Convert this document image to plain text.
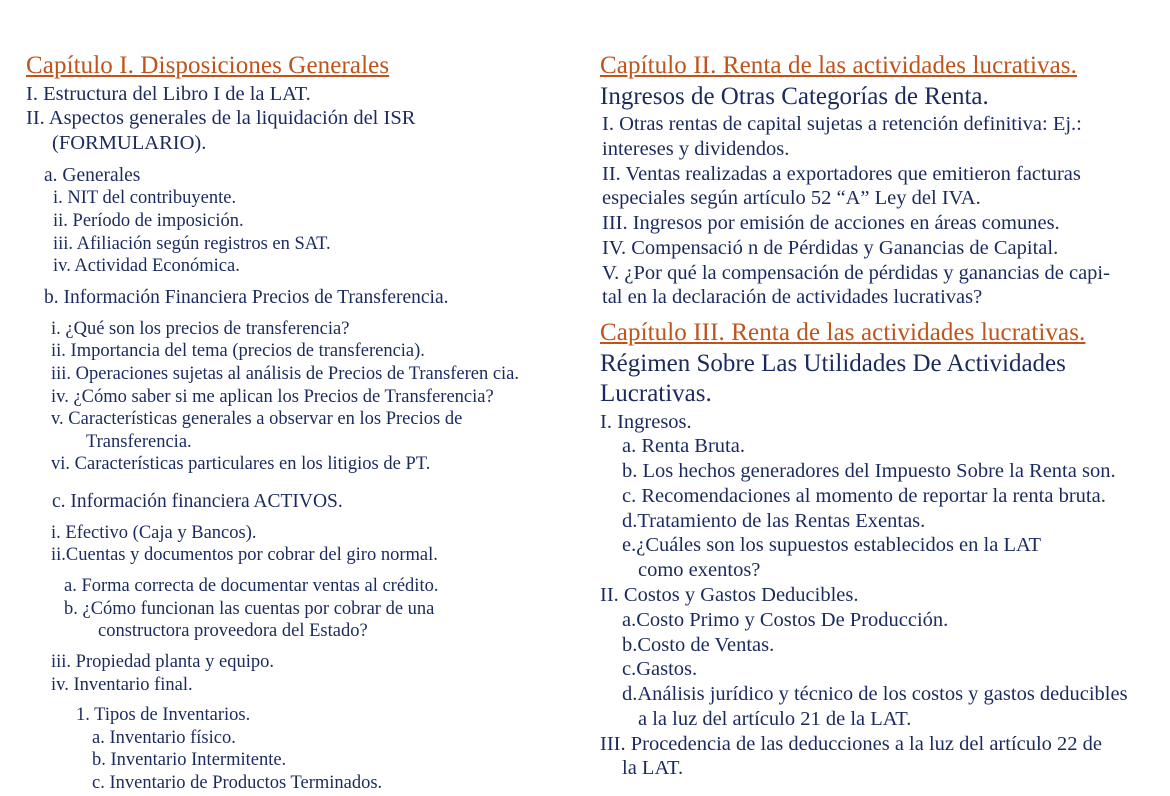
Capítulo I. Disposiciones Generales
I. Estructura del Libro I de la LAT.
II. Aspectos generales de la liquidación del ISR
(FORMULARIO).
a. Generales
i. NIT del contribuyente.
ii. Período de imposición.
iii. Afiliación según registros en SAT.
iv. Actividad Económica.
b. Información Financiera Precios de Transferencia.
i. ¿Qué son los precios de transferencia?
ii. Importancia del tema (precios de transferencia).
iii. Operaciones sujetas al análisis de Precios de Transferen cia.
iv. ¿Cómo saber si me aplican los Precios de Transferencia?
v. Características generales a observar en los Precios de
Transferencia.
vi. Características particulares en los litigios de PT.
c. Información financiera ACTIVOS.
i. Efectivo (Caja y Bancos).
ii.Cuentas y documentos por cobrar del giro normal.
a. Forma correcta de documentar ventas al crédito.
b. ¿Cómo funcionan las cuentas por cobrar de una
constructora proveedora del Estado?
iii. Propiedad planta y equipo.
iv. Inventario final.
1. Tipos de Inventarios.
a. Inventario físico.
b. Inventario Intermitente.
c. Inventario de Productos Terminados.
Capítulo II. Renta de las actividades lucrativas.
Ingresos de Otras Categorías de Renta.
I. Otras rentas de capital sujetas a retención definitiva: Ej.:
intereses y dividendos.
II. Ventas realizadas a exportadores que emitieron facturas
especiales según artículo 52 “A” Ley del IVA.
III. Ingresos por emisión de acciones en áreas comunes.
IV. Compensació n de Pérdidas y Ganancias de Capital.
V. ¿Por qué la compensación de pérdidas y ganancias de capi-
tal en la declaración de actividades lucrativas?
Capítulo III. Renta de las actividades lucrativas.
Régimen Sobre Las Utilidades De Actividades
Lucrativas.
I. Ingresos.
a. Renta Bruta.
b. Los hechos generadores del Impuesto Sobre la Renta son.
c. Recomendaciones al momento de reportar la renta bruta.
d.Tratamiento de las Rentas Exentas.
e.¿Cuáles son los supuestos establecidos en la LAT
como exentos?
II. Costos y Gastos Deducibles.
a.Costo Primo y Costos De Producción.
b.Costo de Ventas.
c.Gastos.
d.Análisis jurídico y técnico de los costos y gastos deducibles
a la luz del artículo 21 de la LAT.
III. Procedencia de las deducciones a la luz del artículo 22 de
la LAT.
